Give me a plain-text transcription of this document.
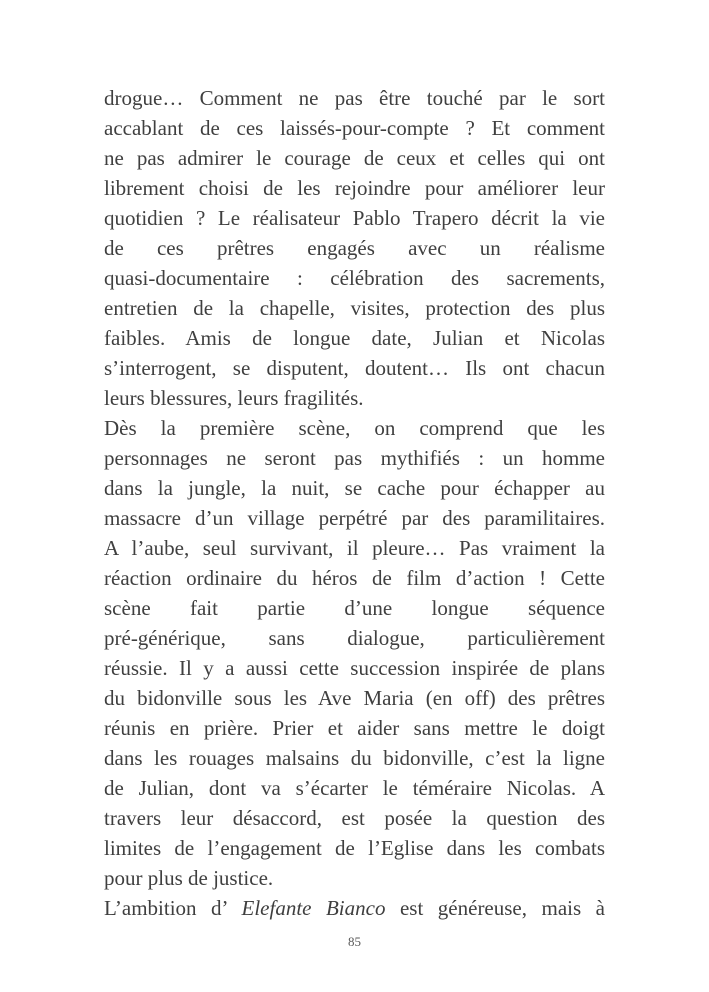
drogue… Comment ne pas être touché par le sort
accablant de ces laissés-pour-compte ? Et comment
ne pas admirer le courage de ceux et celles qui ont
librement choisi de les rejoindre pour améliorer leur
quotidien ? Le réalisateur Pablo Trapero décrit la vie
de ces prêtres engagés avec un réalisme
quasi-documentaire : célébration des sacrements,
entretien de la chapelle, visites, protection des plus
faibles. Amis de longue date, Julian et Nicolas
s’interrogent, se disputent, doutent… Ils ont chacun
leurs blessures, leurs fragilités.
Dès la première scène, on comprend que les
personnages ne seront pas mythifiés : un homme
dans la jungle, la nuit, se cache pour échapper au
massacre d’un village perpétré par des paramilitaires.
A l’aube, seul survivant, il pleure… Pas vraiment la
réaction ordinaire du héros de film d’action ! Cette
scène fait partie d’une longue séquence
pré-générique, sans dialogue, particulièrement
réussie. Il y a aussi cette succession inspirée de plans
du bidonville sous les Ave Maria (en off) des prêtres
réunis en prière. Prier et aider sans mettre le doigt
dans les rouages malsains du bidonville, c’est la ligne
de Julian, dont va s’écarter le téméraire Nicolas. A
travers leur désaccord, est posée la question des
limites de l’engagement de l’Eglise dans les combats
pour plus de justice.
L’ambition d’ Elefante Bianco est généreuse, mais à
85
